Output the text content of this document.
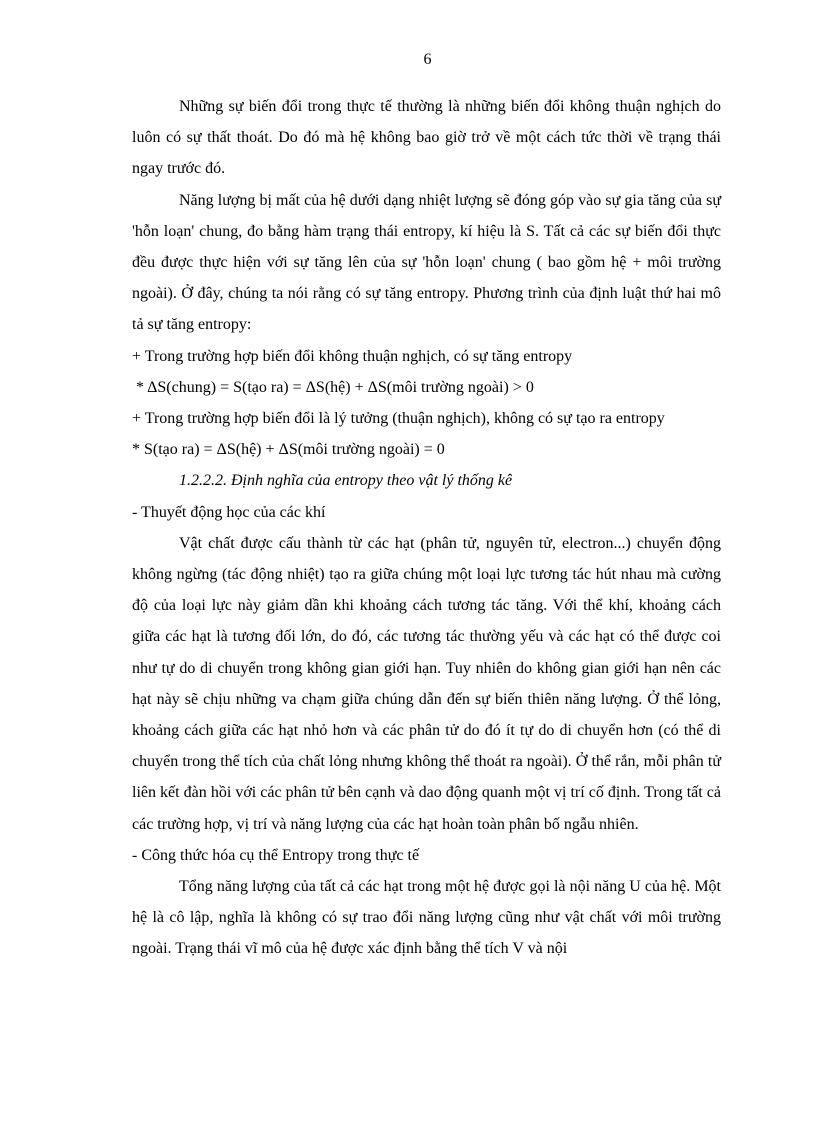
6

Những sự biến đổi trong thực tế thường là những biến đổi không thuận nghịch do luôn có sự thất thoát. Do đó mà hệ không bao giờ trở về một cách tức thời về trạng thái ngay trước đó.

Năng lượng bị mất của hệ dưới dạng nhiệt lượng sẽ đóng góp vào sự gia tăng của sự 'hỗn loạn' chung, đo bằng hàm trạng thái entropy, kí hiệu là S. Tất cả các sự biến đổi thực đều được thực hiện với sự tăng lên của sự 'hỗn loạn' chung ( bao gồm hệ + môi trường ngoài). Ở đây, chúng ta nói rằng có sự tăng entropy. Phương trình của định luật thứ hai mô tả sự tăng entropy:

+ Trong trường hợp biến đổi không thuận nghịch, có sự tăng entropy

* ΔS(chung) = S(tạo ra) = ΔS(hệ) + ΔS(môi trường ngoài) > 0

+ Trong trường hợp biến đổi là lý tưởng (thuận nghịch), không có sự tạo ra entropy

* S(tạo ra) = ΔS(hệ) + ΔS(môi trường ngoài) = 0

1.2.2.2. Định nghĩa của entropy theo vật lý thống kê

- Thuyết động học của các khí

Vật chất được cấu thành từ các hạt (phân tử, nguyên tử, electron...) chuyển động không ngừng (tác động nhiệt) tạo ra giữa chúng một loại lực tương tác hút nhau mà cường độ của loại lực này giảm dần khi khoảng cách tương tác tăng. Với thể khí, khoảng cách giữa các hạt là tương đối lớn, do đó, các tương tác thường yếu và các hạt có thể được coi như tự do di chuyển trong không gian giới hạn. Tuy nhiên do không gian giới hạn nên các hạt này sẽ chịu những va chạm giữa chúng dẫn đến sự biến thiên năng lượng. Ở thể lỏng, khoảng cách giữa các hạt nhỏ hơn và các phân tử do đó ít tự do di chuyển hơn (có thể di chuyển trong thể tích của chất lỏng nhưng không thể thoát ra ngoài). Ở thể rắn, mỗi phân tử liên kết đàn hồi với các phân tử bên cạnh và dao động quanh một vị trí cố định. Trong tất cả các trường hợp, vị trí và năng lượng của các hạt hoàn toàn phân bố ngẫu nhiên.

- Công thức hóa cụ thể Entropy trong thực tế

Tổng năng lượng của tất cả các hạt trong một hệ được gọi là nội năng U của hệ. Một hệ là cô lập, nghĩa là không có sự trao đổi năng lượng cũng như vật chất với môi trường ngoài. Trạng thái vĩ mô của hệ được xác định bằng thể tích V và nội
